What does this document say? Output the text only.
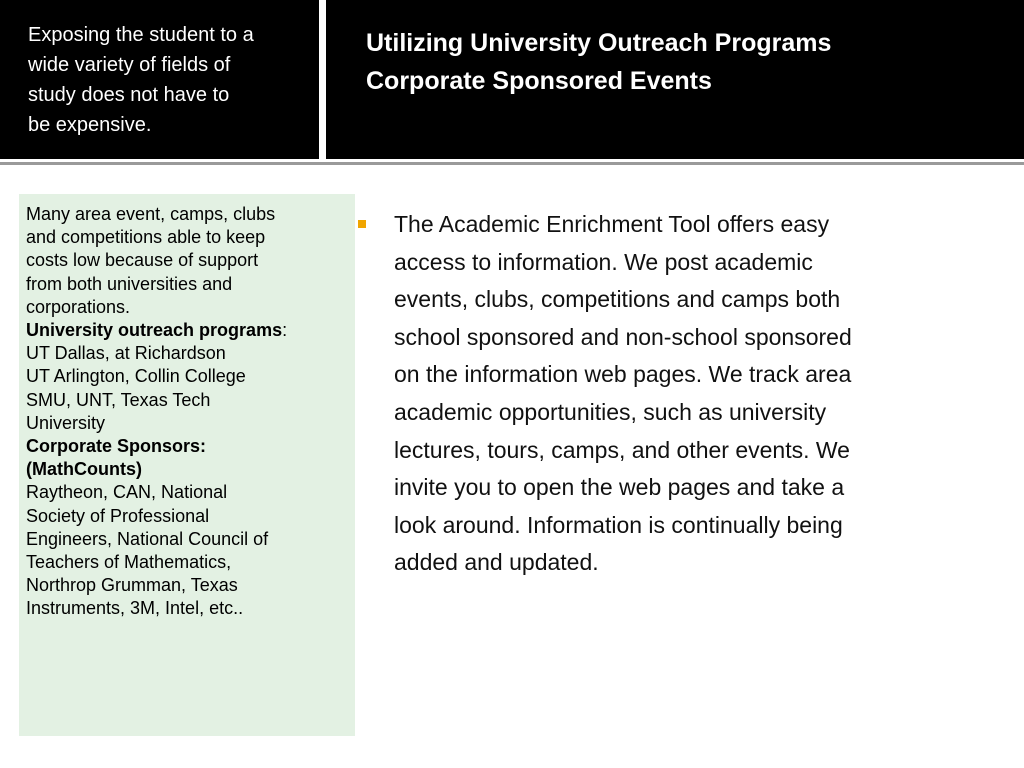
Exposing the student to a
wide variety of fields of
study does not have to
be expensive.

Utilizing University Outreach Programs
Corporate Sponsored Events
Many area event, camps, clubs
and competitions able to keep
costs low because of support
from both universities and
corporations.
University outreach programs:
UT Dallas, at Richardson
UT Arlington, Collin College
SMU, UNT, Texas Tech
University
Corporate Sponsors:
(MathCounts)
Raytheon, CAN, National
Society of Professional
Engineers, National Council of
Teachers of Mathematics,
Northrop Grumman, Texas
Instruments, 3M, Intel, etc..
The Academic Enrichment Tool offers easy
access to information. We post academic
events, clubs, competitions and camps both
school sponsored and non-school sponsored
on the information web pages. We track area
academic opportunities, such as university
lectures, tours, camps, and other events. We
invite you to open the web pages and take a
look around. Information is continually being
added and updated.
